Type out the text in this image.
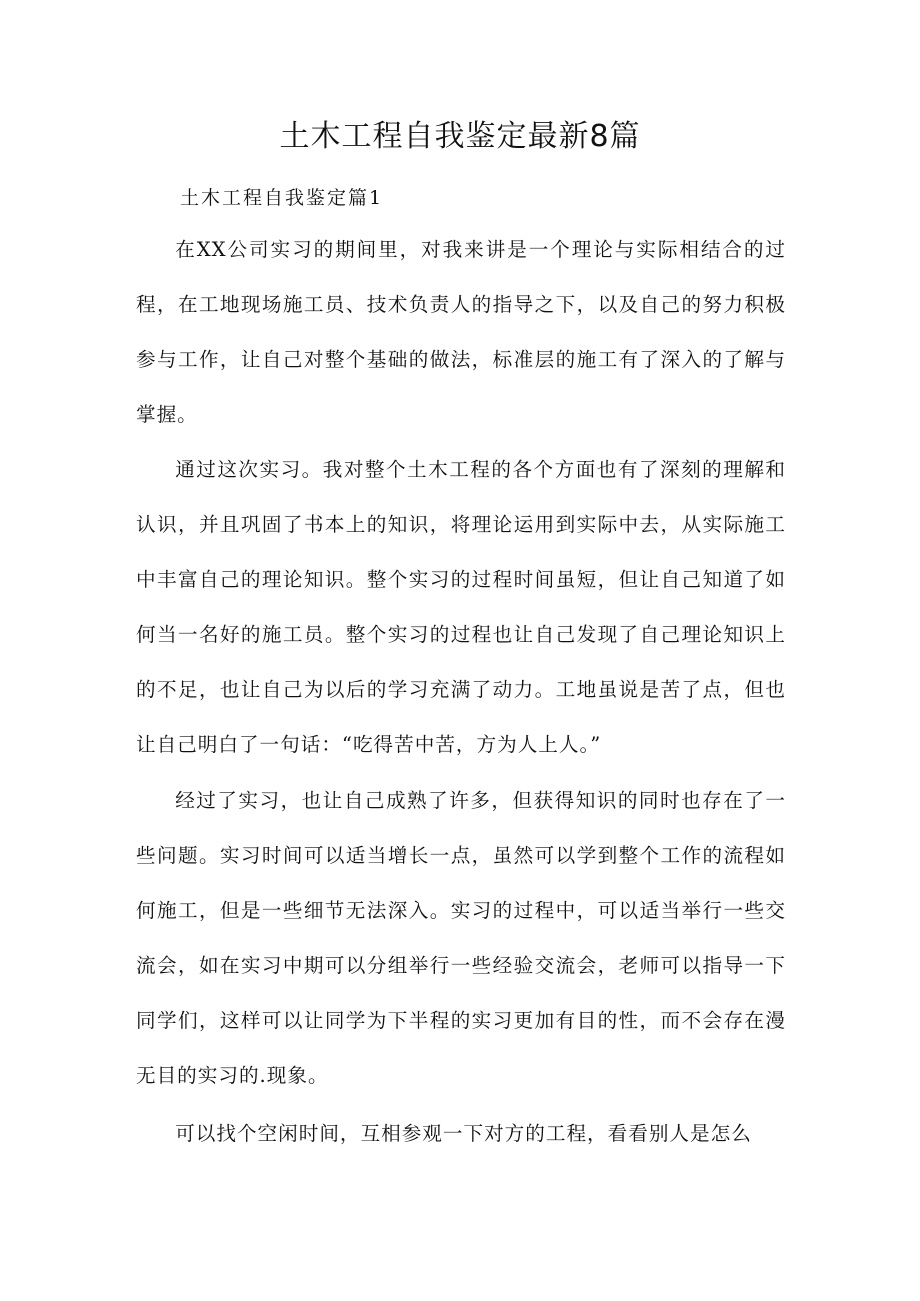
土木工程自我鉴定最新8篇
土木工程自我鉴定篇1

在XX公司实习的期间里，对我来讲是一个理论与实际相结合的过程，在工地现场施工员、技术负责人的指导之下，以及自己的努力积极参与工作，让自己对整个基础的做法，标准层的施工有了深入的了解与掌握。

通过这次实习。我对整个土木工程的各个方面也有了深刻的理解和认识，并且巩固了书本上的知识，将理论运用到实际中去，从实际施工中丰富自己的理论知识。整个实习的过程时间虽短，但让自己知道了如何当一名好的施工员。整个实习的过程也让自己发现了自己理论知识上的不足，也让自己为以后的学习充满了动力。工地虽说是苦了点，但也让自己明白了一句话：“吃得苦中苦，方为人上人。”

经过了实习，也让自己成熟了许多，但获得知识的同时也存在了一些问题。实习时间可以适当增长一点，虽然可以学到整个工作的流程如何施工，但是一些细节无法深入。实习的过程中，可以适当举行一些交流会，如在实习中期可以分组举行一些经验交流会，老师可以指导一下同学们，这样可以让同学为下半程的实习更加有目的性，而不会存在漫无目的实习的.现象。

可以找个空闲时间，互相参观一下对方的工程，看看别人是怎么
